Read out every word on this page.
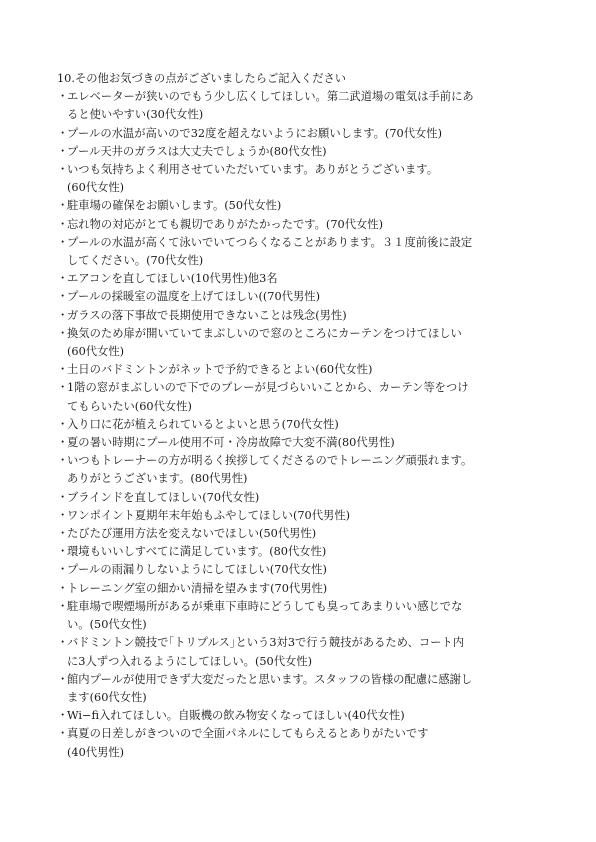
10.その他お気づきの点がございましたらご記入ください
・
エレベーターが狭いのでもう少し広くしてほしい。第二武道場の電気は手前にあ
ると使いやすい(30代女性)
・
プールの水温が高いので32度を超えないようにお願いします。(70代女性)
・
プール天井のガラスは大丈夫でしょうか(80代女性)
・
いつも気持ちよく利用させていただいています。ありがとうございます。
(60代女性)
・
駐車場の確保をお願いします。(50代女性)
・
忘れ物の対応がとても親切でありがたかったです。(70代女性)
・
プールの水温が高くて泳いでいてつらくなることがあります。３１度前後に設定
してください。(70代女性)
・
エアコンを直してほしい(10代男性)他3名
・
プールの採暖室の温度を上げてほしい((70代男性)
・
ガラスの落下事故で長期使用できないことは残念(男性)
・
換気のため扉が開いていてまぶしいので窓のところにカーテンをつけてほしい
(60代女性)
・
土日のバドミントンがネットで予約できるとよい(60代女性)
・
1階の窓がまぶしいので下でのプレーが見づらいいことから、カーテン等をつけ
てもらいたい(60代女性)
・
入り口に花が植えられているとよいと思う(70代女性)
・
夏の暑い時期にプール使用不可・冷房故障で大変不満(80代男性)
・
いつもトレーナーの方が明るく挨拶してくださるのでトレーニング頑張れます。
ありがとうございます。(80代男性)
・
ブラインドを直してほしい(70代女性)
・
ワンポイント夏期年末年始もふやしてほしい(70代男性)
・
たびたび運用方法を変えないでほしい(50代男性)
・
環境もいいしすべてに満足しています。(80代女性)
・
プールの雨漏りしないようにしてほしい(70代女性)
・
トレーニング室の細かい清掃を望みます(70代男性)
・
駐車場で喫煙場所があるが乗車下車時にどうしても臭ってあまりいい感じでな
い。(50代女性)
・
バドミントン競技で｢トリプルス｣という3対3で行う競技があるため、コート内
に3人ずつ入れるようにしてほしい。(50代女性)
・
館内プールが使用できず大変だったと思います。スタッフの皆様の配慮に感謝し
ます(60代女性)
・
Wi−fi入れてほしい。自販機の飲み物安くなってほしい(40代女性)
・
真夏の日差しがきついので全面パネルにしてもらえるとありがたいです
(40代男性)
